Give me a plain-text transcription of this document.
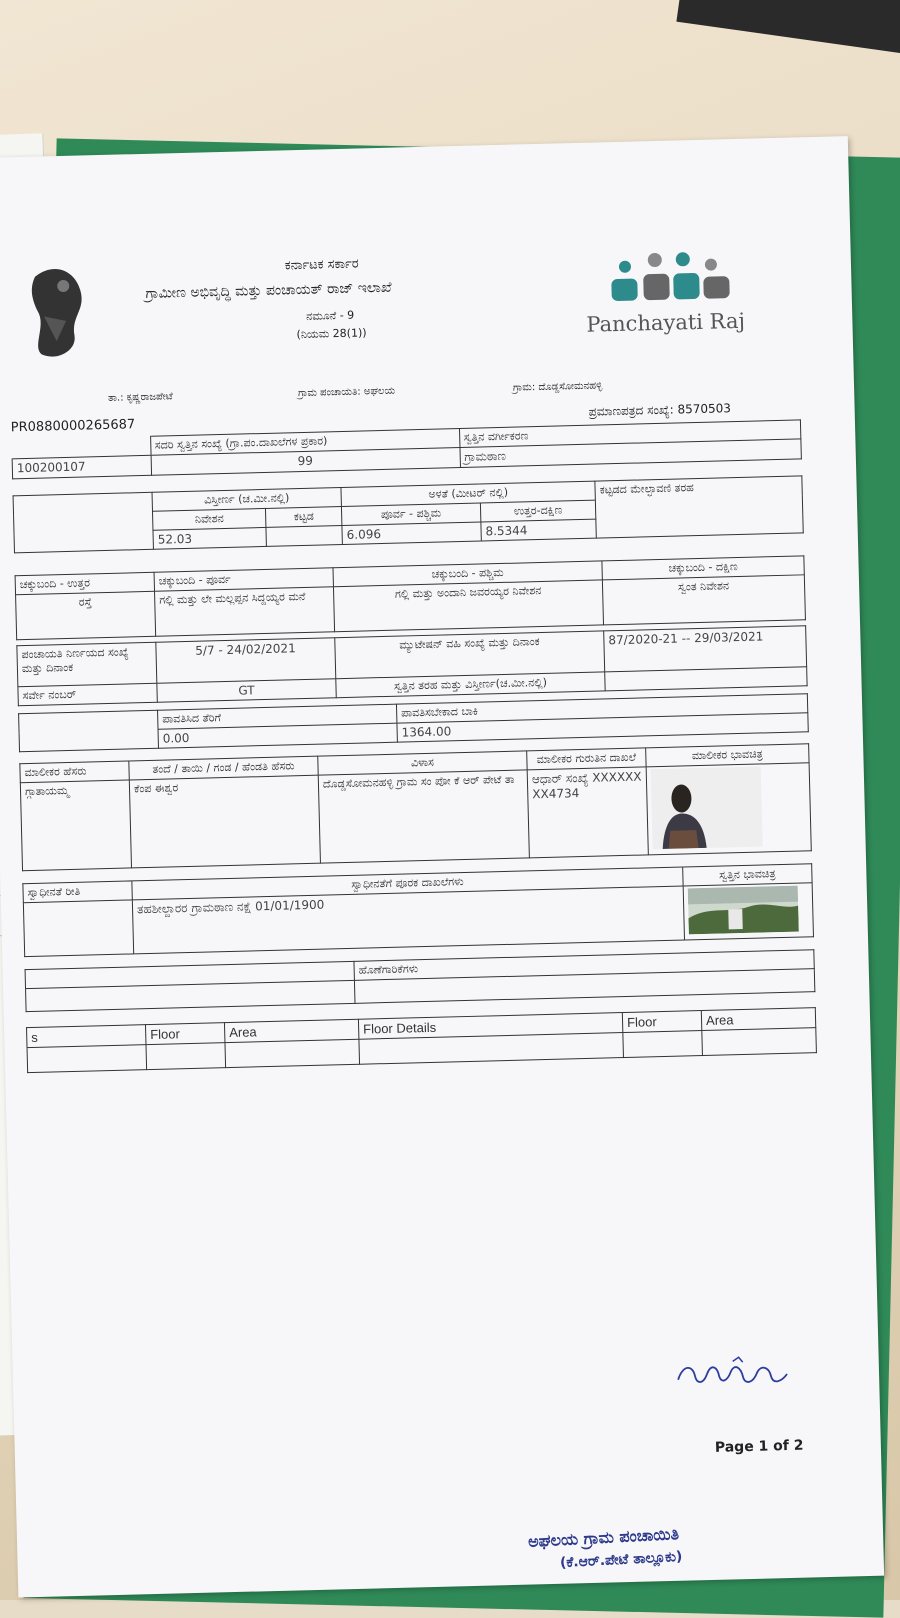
ಕರ್ನಾಟಕ ಸರ್ಕಾರ
ಗ್ರಾಮೀಣ ಅಭಿವೃದ್ಧಿ ಮತ್ತು ಪಂಚಾಯತ್ ರಾಜ್ ಇಲಾಖೆ
ನಮೂನೆ - 9
(ನಿಯಮ 28(1))	Panchayati Raj
ತಾ.: ಕೃಷ್ಣರಾಜಪೇಟೆ	ಗ್ರಾಮ ಪಂಚಾಯತಿ: ಅಘಲಯ	ಗ್ರಾಮ: ದೊಡ್ಡಸೋಮನಹಳ್ಳಿ
PR0880000265687
ಪ್ರಮಾಣಪತ್ರದ ಸಂಖ್ಯೆ: 8570503
	ಸದರಿ ಸ್ವತ್ತಿನ ಸಂಖ್ಯೆ (ಗ್ರಾ.ಪಂ.ದಾಖಲೆಗಳ ಪ್ರಕಾರ)	ಸ್ವತ್ತಿನ ವರ್ಗೀಕರಣ
100200107	99	ಗ್ರಾಮಠಾಣ
	ವಿಸ್ತೀರ್ಣ (ಚ.ಮೀ.ನಲ್ಲಿ)		ಅಳತೆ (ಮೀಟರ್ ನಲ್ಲಿ)		ಕಟ್ಟಡದ ಮೇಲ್ಛಾವಣಿ ತರಹ
	ನಿವೇಶನ	ಕಟ್ಟಡ	ಪೂರ್ವ - ಪಶ್ಚಿಮ	ಉತ್ತರ-ದಕ್ಷಿಣ	
	52.03		6.096	8.5344	
ಚಕ್ಕುಬಂದಿ - ಉತ್ತರ	ಚಕ್ಕುಬಂದಿ - ಪೂರ್ವ	ಚಕ್ಕುಬಂದಿ - ಪಶ್ಚಿಮ	ಚಕ್ಕುಬಂದಿ - ದಕ್ಷಿಣ
ರಸ್ತೆ	ಗಲ್ಲಿ ಮತ್ತು ಲೇ ಮಲ್ಲಪ್ಪನ ಸಿದ್ದಯ್ಯರ ಮನೆ	ಗಲ್ಲಿ ಮತ್ತು ಅಂದಾನಿ ಜವರಯ್ಯರ ನಿವೇಶನ	ಸ್ವಂತ ನಿವೇಶನ
ಪಂಚಾಯತಿ ನಿರ್ಣಯದ ಸಂಖ್ಯೆ ಮತ್ತು ದಿನಾಂಕ	5/7 - 24/02/2021	ಮ್ಯುಟೇಷನ್ ವಹಿ ಸಂಖ್ಯೆ ಮತ್ತು ದಿನಾಂಕ	87/2020-21 -- 29/03/2021
ಸರ್ವೇ ನಂಬರ್	GT	ಸ್ವತ್ತಿನ ತರಹ ಮತ್ತು ವಿಸ್ತೀರ್ಣ(ಚ.ಮೀ.ನಲ್ಲಿ)	
	ಪಾವತಿಸಿದ ತೆರಿಗೆ	ಪಾವತಿಸಬೇಕಾದ ಬಾಕಿ
	0.00	1364.00
ಮಾಲೀಕರ ಹೆಸರು	ತಂದೆ / ತಾಯಿ / ಗಂಡ / ಹೆಂಡತಿ ಹೆಸರು	ವಿಳಾಸ	ಮಾಲೀಕರ ಗುರುತಿನ ದಾಖಲೆ	ಮಾಲೀಕರ ಭಾವಚಿತ್ರ
ಗ್ಗಾತಾಯಮ್ಮ	ಕೆಂಪ ಈಶ್ವರ	ದೊಡ್ಡಸೋಮನಹಳ್ಳಿ ಗ್ರಾಮ ಸಂ ಪೋ ಕೆ ಆರ್ ಪೇಟೆ ತಾ	ಆಧಾರ್ ಸಂಖ್ಯೆ XXXXXXXX4734	
ಸ್ವಾಧೀನತೆ ರೀತಿ	ಸ್ವಾಧೀನತೆಗೆ ಪೂರಕ ದಾಖಲೆಗಳು	ಸ್ವತ್ತಿನ ಭಾವಚಿತ್ರ
	ತಹಶೀಲ್ದಾರರ ಗ್ರಾಮಠಾಣ ನಕ್ಷೆ 01/01/1900	
	ಹೊಣೆಗಾರಿಕೆಗಳು

s	Floor	Area	Floor Details	Floor	Area

Page 1 of 2
ಅಘಲಯ ಗ್ರಾಮ ಪಂಚಾಯಿತಿ
(ಕೆ.ಆರ್.ಪೇಟೆ ತಾಲ್ಲೂಕು)
